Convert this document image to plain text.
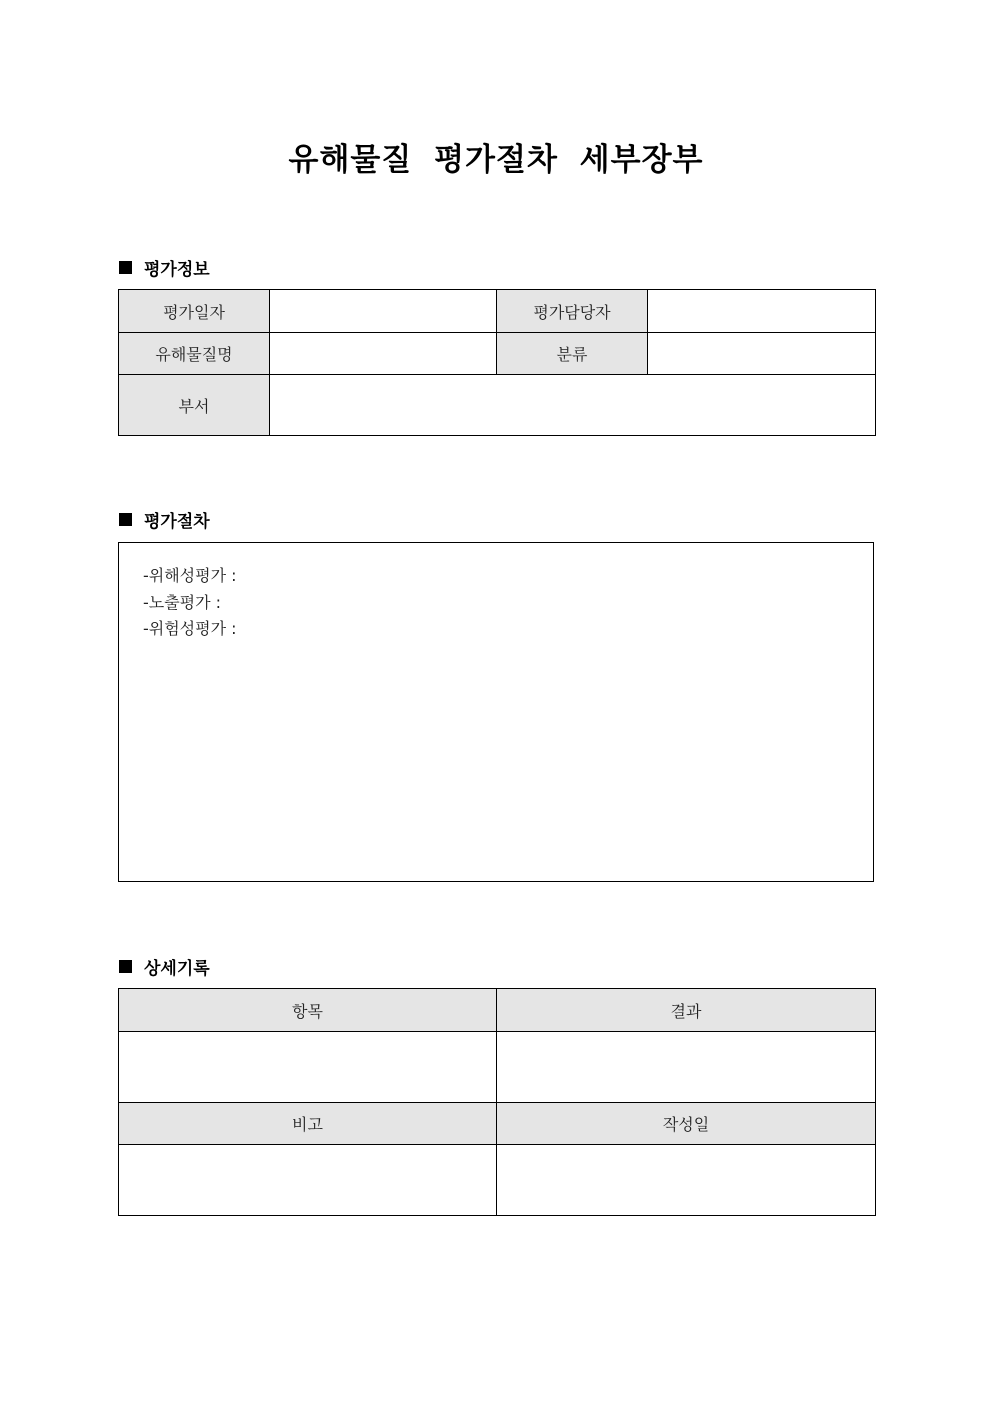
유해물질 평가절차 세부장부
평가정보
평가일자		평가담당자	
유해물질명		분류	
부서			
평가절차
-위해성평가 :
-노출평가 :
-위험성평가 :
상세기록
항목	결과

비고	작성일
